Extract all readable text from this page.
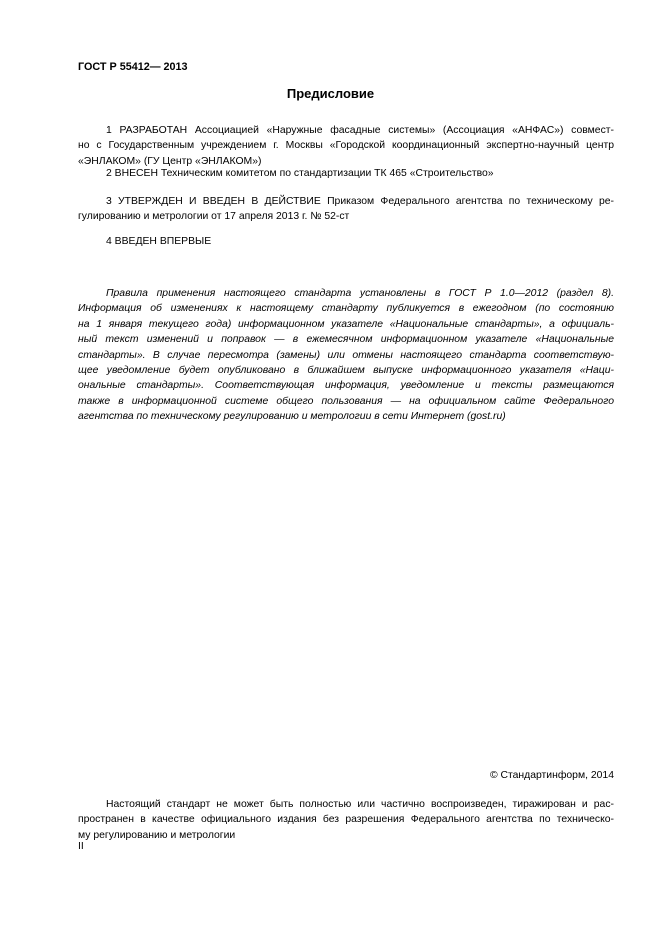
ГОСТ Р 55412— 2013
Предисловие
1 РАЗРАБОТАН Ассоциацией «Наружные фасадные системы» (Ассоциация «АНФАС») совмест-
но с Государственным учреждением г. Москвы «Городской координационный экспертно-научный центр
«ЭНЛАКОМ» (ГУ Центр «ЭНЛАКОМ»)
2 ВНЕСЕН Техническим комитетом по стандартизации ТК 465 «Строительство»
3 УТВЕРЖДЕН И ВВЕДЕН В ДЕЙСТВИЕ Приказом Федерального агентства по техническому ре-
гулированию и метрологии от 17 апреля 2013 г. № 52-ст
4 ВВЕДЕН ВПЕРВЫЕ
Правила применения настоящего стандарта установлены в ГОСТ Р 1.0—2012 (раздел 8).
Информация об изменениях к настоящему стандарту публикуется в ежегодном (по состоянию
на 1 января текущего года) информационном указателе «Национальные стандарты», а официаль-
ный текст изменений и поправок — в ежемесячном информационном указателе «Национальные
стандарты». В случае пересмотра (замены) или отмены настоящего стандарта соответствую-
щее уведомление будет опубликовано в ближайшем выпуске информационного указателя «Наци-
ональные стандарты». Соответствующая информация, уведомление и тексты размещаются
также в информационной системе общего пользования — на официальном сайте Федерального
агентства по техническому регулированию и метрологии в сети Интернет (gost.ru)
© Стандартинформ, 2014
Настоящий стандарт не может быть полностью или частично воспроизведен, тиражирован и рас-
пространен в качестве официального издания без разрешения Федерального агентства по техническо-
му регулированию и метрологии
II
